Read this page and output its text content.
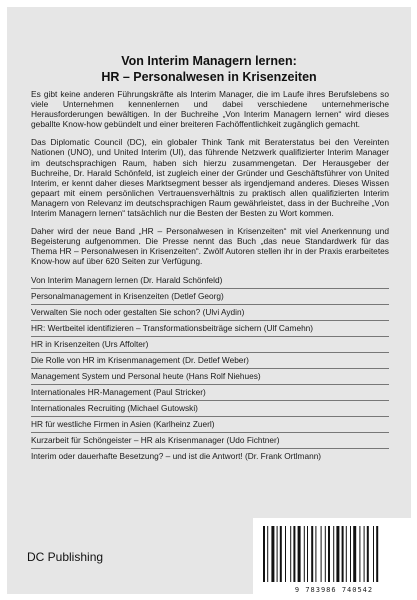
Von Interim Managern lernen:
HR – Personalwesen in Krisenzeiten

Es gibt keine anderen Führungskräfte als Interim Manager, die im Laufe ihres Berufslebens so viele Unternehmen kennenlernen und dabei verschiedene unternehmerische Herausforderungen bewältigen. In der Buchreihe „Von Interim Managern lernen“ wird dieses geballte Know-how gebündelt und einer breiteren Fachöffentlichkeit zugänglich gemacht.

Das Diplomatic Council (DC), ein globaler Think Tank mit Beraterstatus bei den Vereinten Nationen (UNO), und United Interim (UI), das führende Netzwerk qualifizierter Interim Manager im deutschsprachigen Raum, haben sich hierzu zusammengetan. Der Herausgeber der Buchreihe, Dr. Harald Schönfeld, ist zugleich einer der Gründer und Geschäftsführer von United Interim, er kennt daher dieses Marktsegment besser als irgendjemand anderes. Dieses Wissen gepaart mit einem persönlichen Vertrauensverhältnis zu praktisch allen qualifizierten Interim Managern von Relevanz im deutschsprachigen Raum gewährleistet, dass in der Buchreihe „Von Interim Managern lernen“ tatsächlich nur die Besten der Besten zu Wort kommen.

Daher wird der neue Band „HR – Personalwesen in Krisenzeiten“ mit viel Anerkennung und Begeisterung aufgenommen. Die Presse nennt das Buch „das neue Standardwerk für das Thema HR – Personalwesen in Krisenzeiten“. Zwölf Autoren stellen ihr in der Praxis erarbeitetes Know-how auf über 620 Seiten zur Verfügung.

Von Interim Managern lernen (Dr. Harald Schönfeld)
Personalmanagement in Krisenzeiten (Detlef Georg)
Verwalten Sie noch oder gestalten Sie schon? (Ulvi Aydin)
HR: Wertbeitel identifizieren – Transformationsbeiträge sichern (Ulf Camehn)
HR in Krisenzeiten (Urs Affolter)
Die Rolle von HR im Krisenmanagement (Dr. Detlef Weber)
Management System und Personal heute (Hans Rolf Niehues)
Internationales HR-Management (Paul Stricker)
Internationales Recruiting (Michael Gutowski)
HR für westliche Firmen in Asien (Karlheinz Zuerl)
Kurzarbeit für Schöngeister – HR als Krisenmanager (Udo Fichtner)
Interim oder dauerhafte Besetzung? – und ist die Antwort! (Dr. Frank Ortlmann)
DC Publishing
9 783986 740542
